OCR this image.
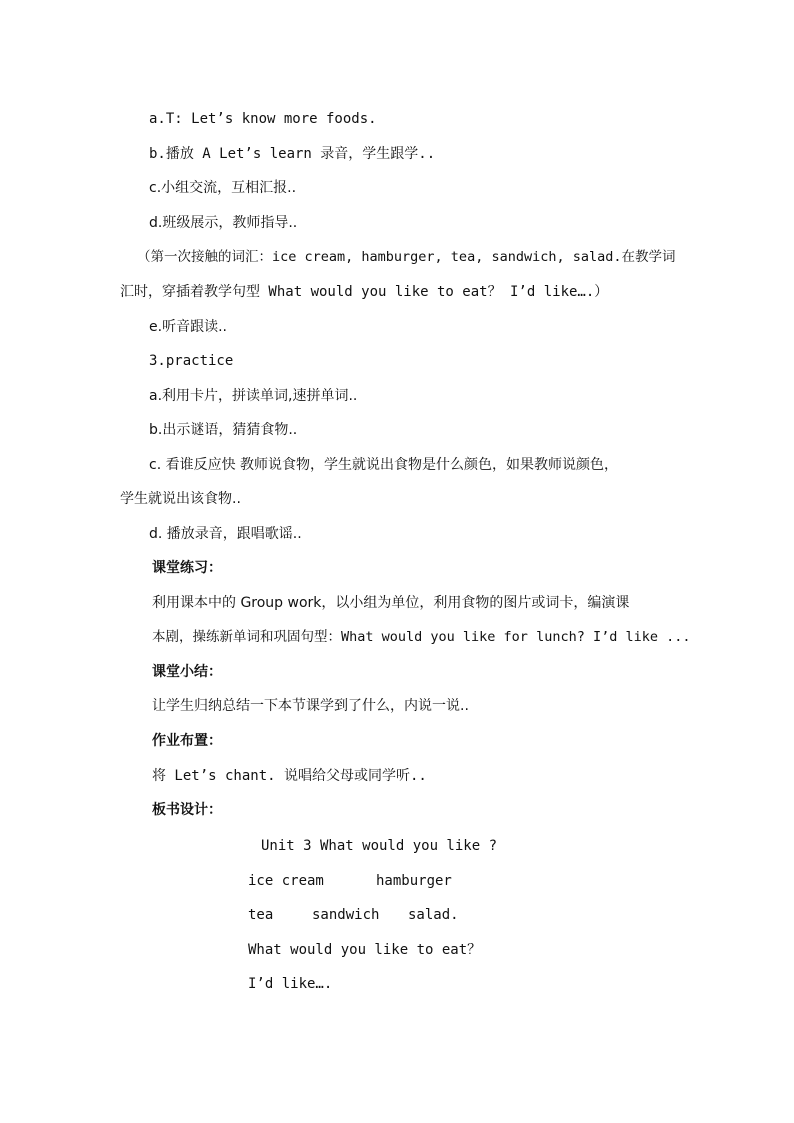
a.T: Let’s know more foods.
b.播放 A Let’s learn 录音，学生跟学..
c.小组交流，互相汇报..
d.班级展示，教师指导..
（第一次接触的词汇：ice cream, hamburger, tea, sandwich, salad.在教学词
汇时，穿插着教学句型 What would you like to eat？ I’d like….）
e.听音跟读..
3.practice
a.利用卡片，拼读单词,速拼单词..
b.出示谜语，猜猜食物..
c. 看谁反应快 教师说食物，学生就说出食物是什么颜色，如果教师说颜色，
学生就说出该食物..
d. 播放录音，跟唱歌谣..
课堂练习：
利用课本中的 Group work，以小组为单位，利用食物的图片或词卡，编演课
本剧，操练新单词和巩固句型：What would you like for lunch? I’d like ...
课堂小结：
让学生归纳总结一下本节课学到了什么，内说一说..
作业布置：
将 Let’s chant. 说唱给父母或同学听..
板书设计：
Unit 3 What would you like ?
ice cream	hamburger
tea	sandwich salad.
What would you like to eat？
I’d like….
